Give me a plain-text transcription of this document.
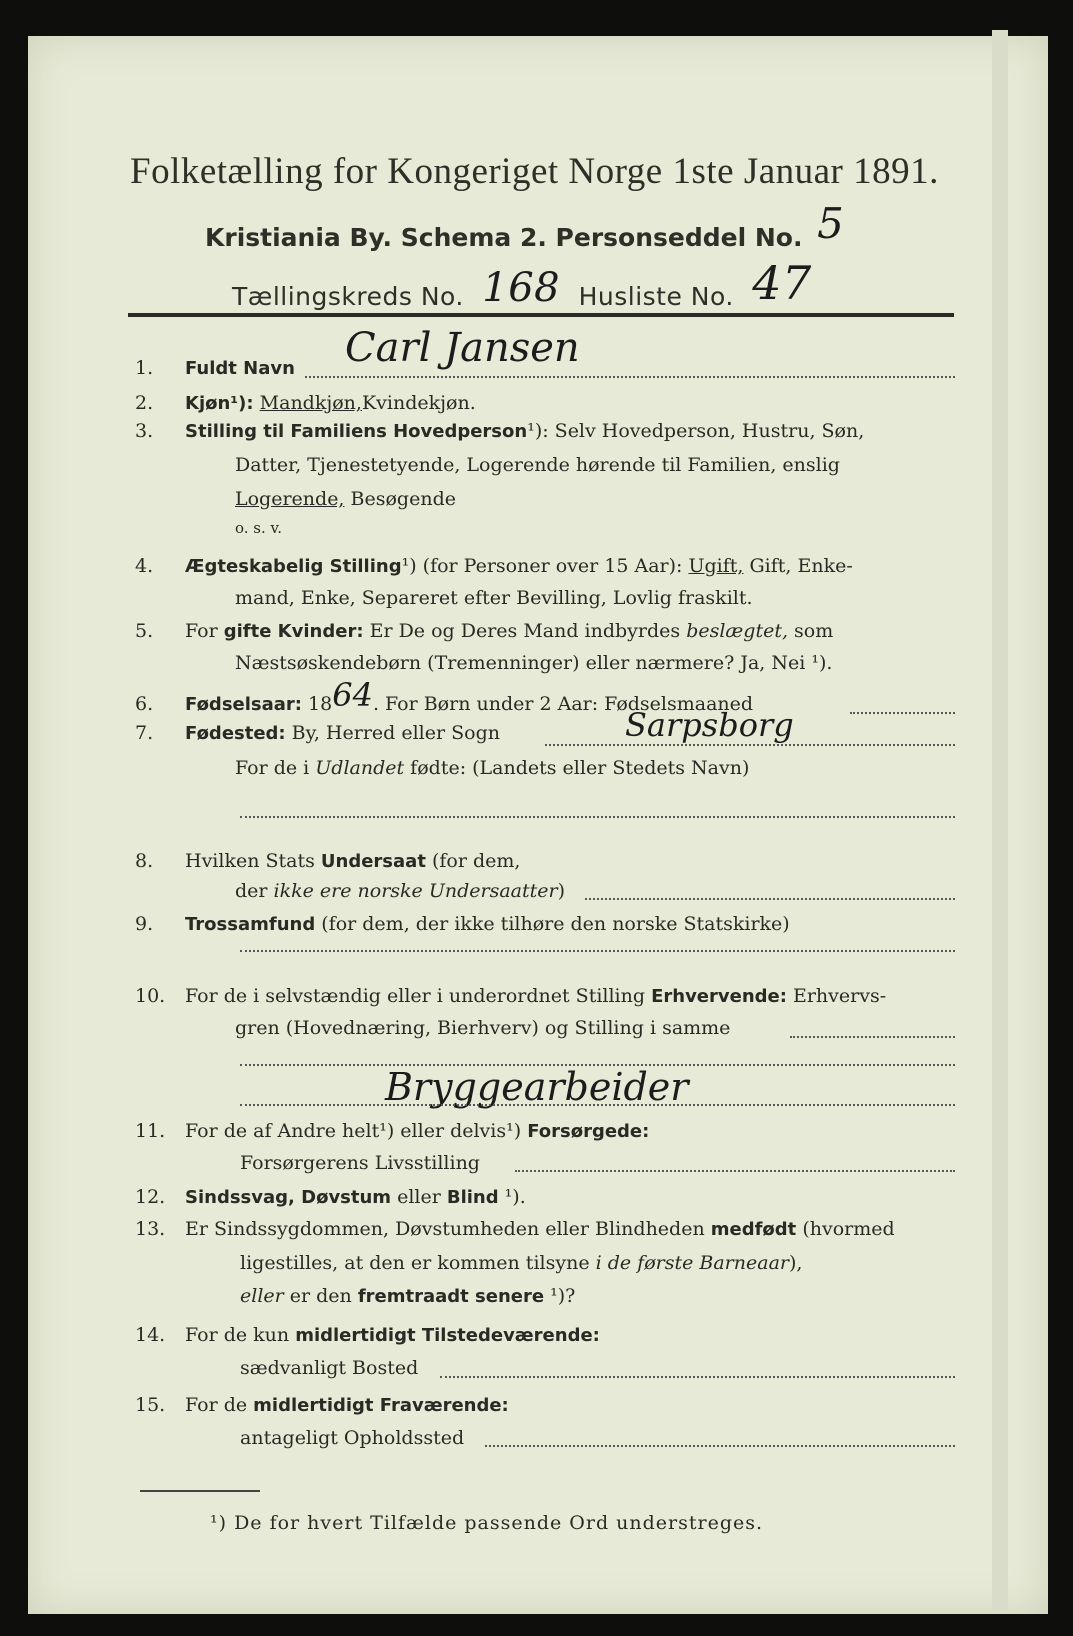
Folketælling for Kongeriget Norge 1ste Januar 1891.
Kristiania By. Schema 2. Personseddel No. 5
Tællingskreds No. 168 Husliste No. 47
1. Fuldt Navn Carl Jansen
2. Kjøn¹): Mandkjøn,Kvindekjøn.
3. Stilling til Familiens Hovedperson¹): Selv Hovedperson, Hustru, Søn,
Datter, Tjenestetyende, Logerende hørende til Familien, enslig
Logerende, Besøgende
o. s. v.
4. Ægteskabelig Stilling¹) (for Personer over 15 Aar): Ugift, Gift, Enke-
mand, Enke, Separeret efter Bevilling, Lovlig fraskilt.
5. For gifte Kvinder: Er De og Deres Mand indbyrdes beslægtet, som
Næstsøskendebørn (Tremenninger) eller nærmere? Ja, Nei ¹).
6. Fødselsaar: 1864. For Børn under 2 Aar: Fødselsmaaned
7. Fødested: By, Herred eller Sogn	Sarpsborg
For de i Udlandet fødte: (Landets eller Stedets Navn)
8. Hvilken Stats Undersaat (for dem,
der ikke ere norske Undersaatter)
9. Trossamfund (for dem, der ikke tilhøre den norske Statskirke)
10. For de i selvstændig eller i underordnet Stilling Erhvervende: Erhvervs-
gren (Hovednæring, Bierhverv) og Stilling i samme
Bryggearbeider
11. For de af Andre helt¹) eller delvis¹) Forsørgede:
Forsørgerens Livsstilling
12. Sindssvag, Døvstum eller Blind ¹).
13. Er Sindssygdommen, Døvstumheden eller Blindheden medfødt (hvormed
ligestilles, at den er kommen tilsyne i de første Barneaar),
eller er den fremtraadt senere ¹)?
14. For de kun midlertidigt Tilstedeværende:
sædvanligt Bosted
15. For de midlertidigt Fraværende:
antageligt Opholdssted
¹) De for hvert Tilfælde passende Ord understreges.
